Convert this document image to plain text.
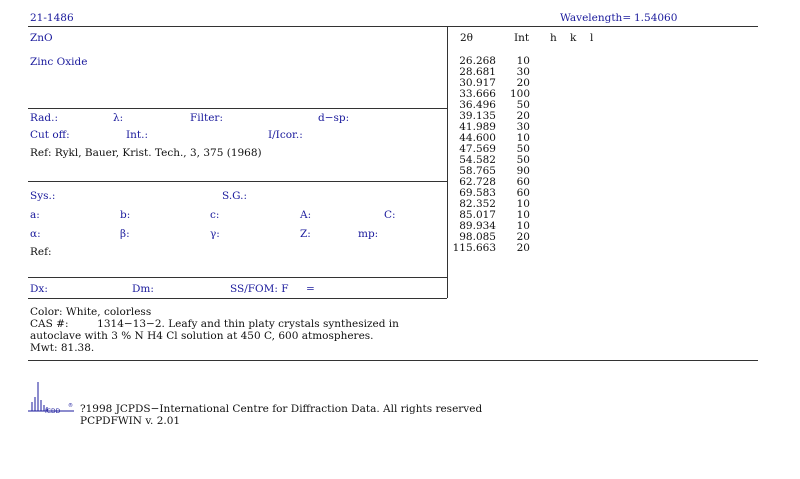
21-1486	Wavelength= 1.54060
ZnO
Zinc Oxide
2θ	Int h k l
Rad.:	λ:	Filter:	d−sp:
Cut off:	Int.:	I/Icor.:
Ref: Rykl, Bauer, Krist. Tech., 3, 375 (1968)
Sys.:	S.G.:
a:	b:	c:	A:	C:
α:	β:	γ:	Z:	mp:
Ref:
Dx:	Dm:	SS/FOM: F =
Color: White, colorless
CAS #:	1314−13−2. Leafy and thin platy crystals synthesized in
autoclave with 3 % N H4 Cl solution at 450 C, 600 atmospheres.
Mwt: 81.38.
26.268	10
28.681	30
30.917	20
33.666	100
36.496	50
39.135	20
41.989	30
44.600	10
47.569	50
54.582	50
58.765	90
62.728	60
69.583	60
82.352	10
85.017	10
89.934	10
98.085	20
115.663	20
ICDD
® ?1998 JCPDS−International Centre for Diffraction Data. All rights reserved
PCPDFWIN v. 2.01
